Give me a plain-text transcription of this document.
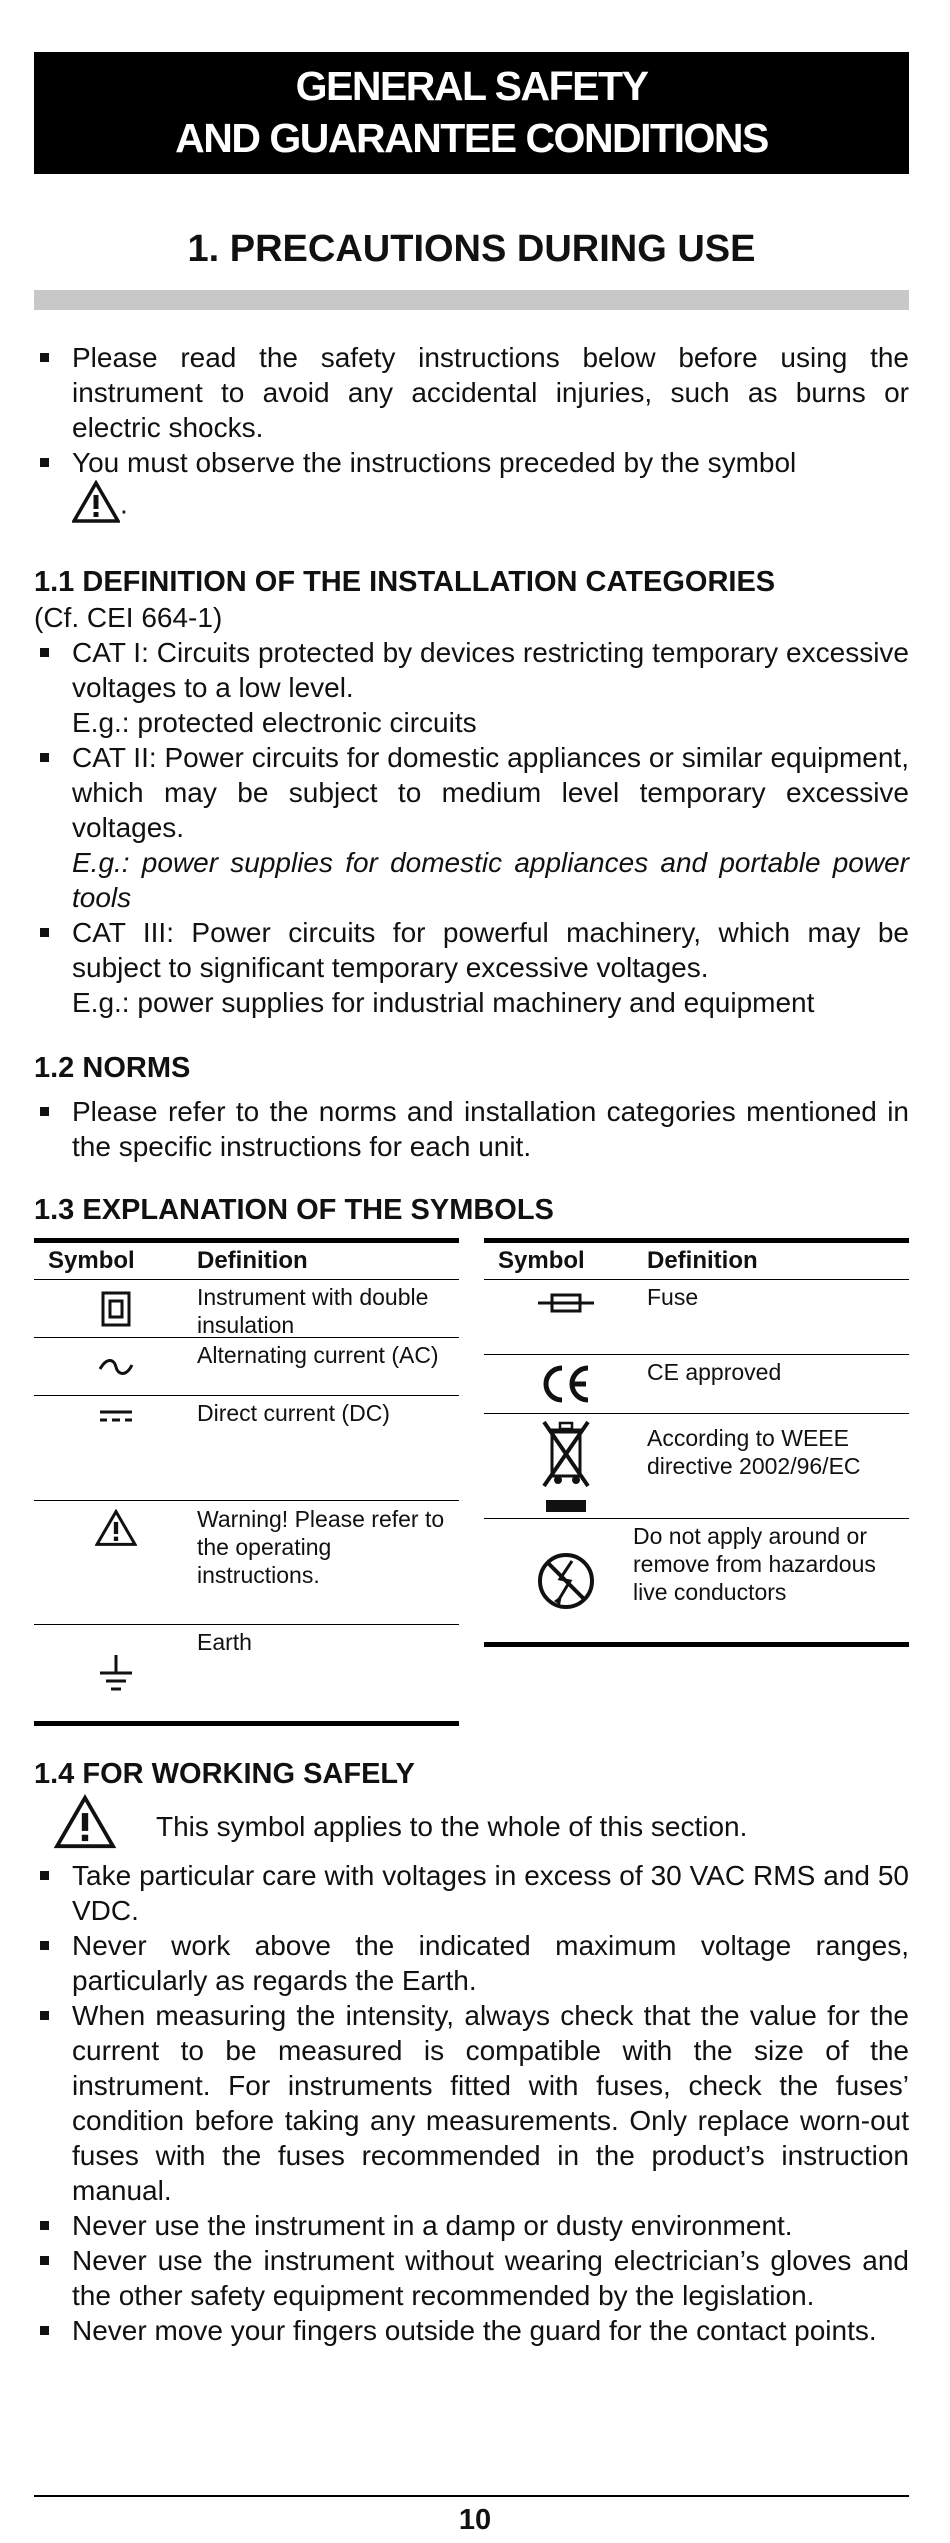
GENERAL SAFETY
AND GUARANTEE CONDITIONS
1. PRECAUTIONS DURING USE
Please read the safety instructions below before using the instrument to avoid any accidental injuries, such as burns or electric shocks.
You must observe the instructions preceded by the symbol
.
1.1 DEFINITION OF THE INSTALLATION CATEGORIES
(Cf. CEI 664-1)
CAT I: Circuits protected by devices restricting temporary excessive voltages to a low level.
E.g.: protected electronic circuits
CAT II: Power circuits for domestic appliances or similar equipment, which may be subject to medium level temporary excessive voltages.
E.g.: power supplies for domestic appliances and portable power tools
CAT III: Power circuits for powerful machinery, which may be subject to significant temporary excessive voltages.
E.g.: power supplies for industrial machinery and equipment
1.2 NORMS
Please refer to the norms and installation categories mentioned in the specific instructions for each unit.
1.3 EXPLANATION OF THE SYMBOLS
Symbol	Definition
Instrument with double insulation
Alternating current (AC)
Direct current (DC)
Warning! Please refer to the operating instructions.
Earth
Symbol	Definition
Fuse
CE approved
According to WEEE directive 2002/96/EC
Do not apply around or remove from hazardous live conductors
1.4 FOR WORKING SAFELY
This symbol applies to the whole of this section.
Take particular care with voltages in excess of 30 VAC RMS and 50 VDC.
Never work above the indicated maximum voltage ranges, particularly as regards the Earth.
When measuring the intensity, always check that the value for the current to be measured is compatible with the size of the instrument. For instruments fitted with fuses, check the fuses’ condition before taking any measurements. Only replace worn-out fuses with the fuses recommended in the product’s instruction manual.
Never use the instrument in a damp or dusty environment.
Never use the instrument without wearing electrician’s gloves and the other safety equipment recommended by the legislation.
Never move your fingers outside the guard for the contact points.
10
